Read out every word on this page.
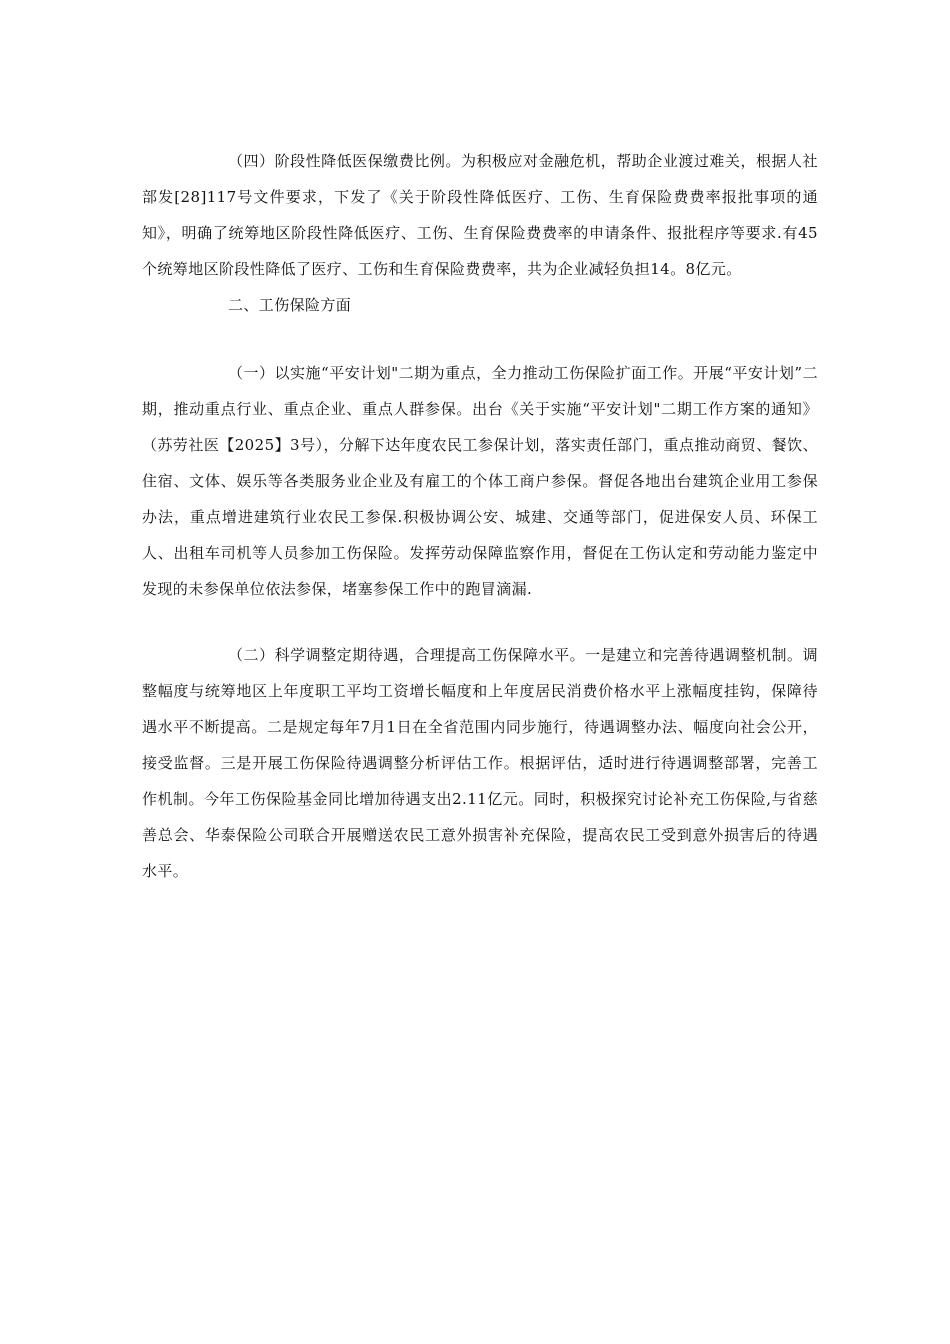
（四）阶段性降低医保缴费比例。为积极应对金融危机，帮助企业渡过难关，根据人社部发[28]117号文件要求，下发了《关于阶段性降低医疗、工伤、生育保险费费率报批事项的通知》，明确了统筹地区阶段性降低医疗、工伤、生育保险费费率的申请条件、报批程序等要求.有45个统筹地区阶段性降低了医疗、工伤和生育保险费费率，共为企业减轻负担14。8亿元。

二、工伤保险方面

（一）以实施“平安计划"二期为重点，全力推动工伤保险扩面工作。开展“平安计划”二期，推动重点行业、重点企业、重点人群参保。出台《关于实施“平安计划"二期工作方案的通知》（苏劳社医【2025】3号），分解下达年度农民工参保计划，落实责任部门，重点推动商贸、餐饮、住宿、文体、娱乐等各类服务业企业及有雇工的个体工商户参保。督促各地出台建筑企业用工参保办法，重点增进建筑行业农民工参保.积极协调公安、城建、交通等部门，促进保安人员、环保工人、出租车司机等人员参加工伤保险。发挥劳动保障监察作用，督促在工伤认定和劳动能力鉴定中发现的未参保单位依法参保，堵塞参保工作中的跑冒滴漏.

（二）科学调整定期待遇，合理提高工伤保障水平。一是建立和完善待遇调整机制。调整幅度与统筹地区上年度职工平均工资增长幅度和上年度居民消费价格水平上涨幅度挂钩，保障待遇水平不断提高。二是规定每年7月1日在全省范围内同步施行，待遇调整办法、幅度向社会公开，接受监督。三是开展工伤保险待遇调整分析评估工作。根据评估，适时进行待遇调整部署，完善工作机制。今年工伤保险基金同比增加待遇支出2.11亿元。同时，积极探究讨论补充工伤保险,与省慈善总会、华泰保险公司联合开展赠送农民工意外损害补充保险，提高农民工受到意外损害后的待遇水平。
